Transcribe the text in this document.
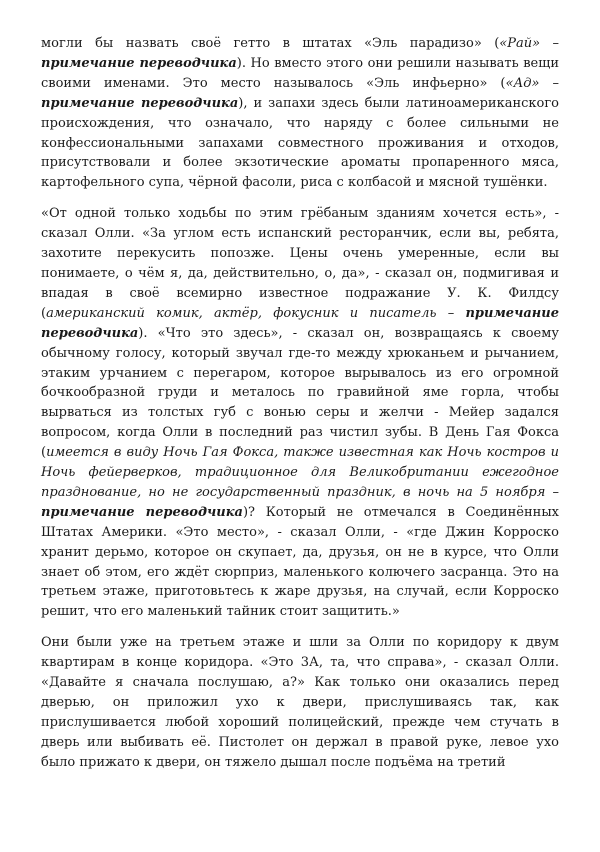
могли бы назвать своё гетто в штатах «Эль парадизо» («Рай» – примечание переводчика). Но вместо этого они решили называть вещи своими именами. Это место называлось «Эль инфьерно» («Ад» – примечание переводчика), и запахи здесь были латиноамериканского происхождения, что означало, что наряду с более сильными не конфессиональными запахами совместного проживания и отходов, присутствовали и более экзотические ароматы пропаренного мяса, картофельного супа, чёрной фасоли, риса с колбасой и мясной тушёнки.

«От одной только ходьбы по этим грёбаным зданиям хочется есть», - сказал Олли. «За углом есть испанский ресторанчик, если вы, ребята, захотите перекусить попозже. Цены очень умеренные, если вы понимаете, о чём я, да, действительно, о, да», - сказал он, подмигивая и впадая в своё всемирно известное подражание У. К. Филдсу (американский комик, актёр, фокусник и писатель – примечание переводчика). «Что это здесь», - сказал он, возвращаясь к своему обычному голосу, который звучал где-то между хрюканьем и рычанием, этаким урчанием с перегаром, которое вырывалось из его огромной бочкообразной груди и металось по гравийной яме горла, чтобы вырваться из толстых губ с вонью серы и желчи - Мейер задался вопросом, когда Олли в последний раз чистил зубы. В День Гая Фокса (имеется в виду Ночь Гая Фокса, также известная как Ночь костров и Ночь фейерверков, традиционное для Великобритании ежегодное празднование, но не государственный праздник, в ночь на 5 ноября – примечание переводчика)? Который не отмечался в Соединённых Штатах Америки. «Это место», - сказал Олли, - «где Джин Корроско хранит дерьмо, которое он скупает, да, друзья, он не в курсе, что Олли знает об этом, его ждёт сюрприз, маленького колючего засранца. Это на третьем этаже, приготовьтесь к жаре друзья, на случай, если Корроско решит, что его маленький тайник стоит защитить.»

Они были уже на третьем этаже и шли за Олли по коридору к двум квартирам в конце коридора. «Это 3А, та, что справа», - сказал Олли. «Давайте я сначала послушаю, а?» Как только они оказались перед дверью, он приложил ухо к двери, прислушиваясь так, как прислушивается любой хороший полицейский, прежде чем стучать в дверь или выбивать её. Пистолет он держал в правой руке, левое ухо было прижато к двери, он тяжело дышал после подъёма на третий
